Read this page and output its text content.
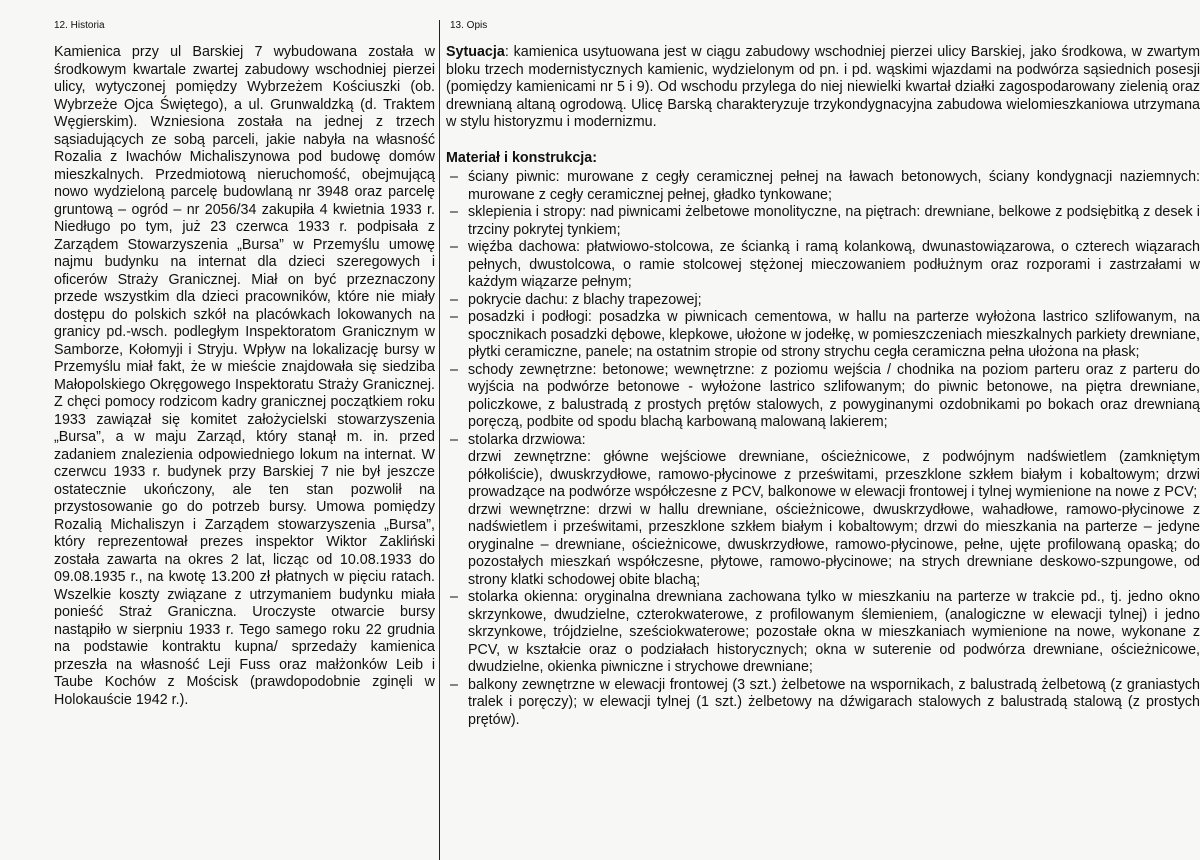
12. Historia

Kamienica przy ul Barskiej 7 wybudowana została w środkowym kwartale zwartej zabudowy wschodniej pierzei ulicy, wytyczonej pomiędzy Wybrzeżem Kościuszki (ob. Wybrzeże Ojca Świętego), a ul. Grunwaldzką (d. Traktem Węgierskim). Wzniesiona została na jednej z trzech sąsiadujących ze sobą parceli, jakie nabyła na własność Rozalia z Iwachów Michaliszynowa pod budowę domów mieszkalnych. Przedmiotową nieruchomość, obejmującą nowo wydzieloną parcelę budowlaną nr 3948 oraz parcelę gruntową – ogród – nr 2056/34 zakupiła 4 kwietnia 1933 r. Niedługo po tym, już 23 czerwca 1933 r. podpisała z Zarządem Stowarzyszenia „Bursa” w Przemyślu umowę najmu budynku na internat dla dzieci szeregowych i oficerów Straży Granicznej. Miał on być przeznaczony przede wszystkim dla dzieci pracowników, które nie miały dostępu do polskich szkół na placówkach lokowanych na granicy pd.-wsch. podległym Inspektoratom Granicznym w Samborze, Kołomyji i Stryju. Wpływ na lokalizację bursy w Przemyślu miał fakt, że w mieście znajdowała się siedziba Małopolskiego Okręgowego Inspektoratu Straży Granicznej. Z chęci pomocy rodzicom kadry granicznej początkiem roku 1933 zawiązał się komitet założycielski stowarzyszenia „Bursa”, a w maju Zarząd, który stanął m. in. przed zadaniem znalezienia odpowiedniego lokum na internat. W czerwcu 1933 r. budynek przy Barskiej 7 nie był jeszcze ostatecznie ukończony, ale ten stan pozwolił na przystosowanie go do potrzeb bursy. Umowa pomiędzy Rozalią Michaliszyn i Zarządem stowarzyszenia „Bursa”, który reprezentował prezes inspektor Wiktor Zakliński została zawarta na okres 2 lat, licząc od 10.08.1933 do 09.08.1935 r., na kwotę 13.200 zł płatnych w pięciu ratach. Wszelkie koszty związane z utrzymaniem budynku miała ponieść Straż Graniczna. Uroczyste otwarcie bursy nastąpiło w sierpniu 1933 r. Tego samego roku 22 grudnia na podstawie kontraktu kupna/ sprzedaży kamienica przeszła na własność Leji Fuss oraz małżonków Leib i Taube Kochów z Mościsk (prawdopodobnie zginęli w Holokauście 1942 r.).

13. Opis

Sytuacja: kamienica usytuowana jest w ciągu zabudowy wschodniej pierzei ulicy Barskiej, jako środkowa, w zwartym bloku trzech modernistycznych kamienic, wydzielonym od pn. i pd. wąskimi wjazdami na podwórza sąsiednich posesji (pomiędzy kamienicami nr 5 i 9). Od wschodu przylega do niej niewielki kwartał działki zagospodarowany zielenią oraz drewnianą altaną ogrodową. Ulicę Barską charakteryzuje trzykondygnacyjna zabudowa wielomieszkaniowa utrzymana w stylu historyzmu i modernizmu.

Materiał i konstrukcja:

– ściany piwnic: murowane z cegły ceramicznej pełnej na ławach betonowych, ściany kondygnacji naziemnych: murowane z cegły ceramicznej pełnej, gładko tynkowane;
– sklepienia i stropy: nad piwnicami żelbetowe monolityczne, na piętrach: drewniane, belkowe z podsiębitką z desek i trzciny pokrytej tynkiem;
– więźba dachowa: płatwiowo-stolcowa, ze ścianką i ramą kolankową, dwunastowiązarowa, o czterech wiązarach pełnych, dwustolcowa, o ramie stolcowej stężonej mieczowaniem podłużnym oraz rozporami i zastrzałami w każdym wiązarze pełnym;
– pokrycie dachu: z blachy trapezowej;
– posadzki i podłogi: posadzka w piwnicach cementowa, w hallu na parterze wyłożona lastrico szlifowanym, na spocznikach posadzki dębowe, klepkowe, ułożone w jodełkę, w pomieszczeniach mieszkalnych parkiety drewniane, płytki ceramiczne, panele; na ostatnim stropie od strony strychu cegła ceramiczna pełna ułożona na płask;
– schody zewnętrzne: betonowe; wewnętrzne: z poziomu wejścia / chodnika na poziom parteru oraz z parteru do wyjścia na podwórze betonowe - wyłożone lastrico szlifowanym; do piwnic betonowe, na piętra drewniane, policzkowe, z balustradą z prostych prętów stalowych, z powyginanymi ozdobnikami po bokach oraz drewnianą poręczą, podbite od spodu blachą karbowaną malowaną lakierem;
– stolarka drzwiowa:

drzwi zewnętrzne: główne wejściowe drewniane, ościeżnicowe, z podwójnym nadświetlem (zamkniętym półkoliście), dwuskrzydłowe, ramowo-płycinowe z prześwitami, przeszklone szkłem białym i kobaltowym; drzwi prowadzące na podwórze współczesne z PCV, balkonowe w elewacji frontowej i tylnej wymienione na nowe z PCV;

drzwi wewnętrzne: drzwi w hallu drewniane, ościeżnicowe, dwuskrzydłowe, wahadłowe, ramowo-płycinowe z nadświetlem i prześwitami, przeszklone szkłem białym i kobaltowym; drzwi do mieszkania na parterze – jedyne oryginalne – drewniane, ościeżnicowe, dwuskrzydłowe, ramowo-płycinowe, pełne, ujęte profilowaną opaską; do pozostałych mieszkań współczesne, płytowe, ramowo-płycinowe; na strych drewniane deskowo-szpungowe, od strony klatki schodowej obite blachą;

– stolarka okienna: oryginalna drewniana zachowana tylko w mieszkaniu na parterze w trakcie pd., tj. jedno okno skrzynkowe, dwudzielne, czterokwaterowe, z profilowanym ślemieniem, (analogiczne w elewacji tylnej) i jedno skrzynkowe, trójdzielne, sześciokwaterowe; pozostałe okna w mieszkaniach wymienione na nowe, wykonane z PCV, w kształcie oraz o podziałach historycznych; okna w suterenie od podwórza drewniane, ościeżnicowe, dwudzielne, okienka piwniczne i strychowe drewniane;
– balkony zewnętrzne w elewacji frontowej (3 szt.) żelbetowe na wspornikach, z balustradą żelbetową (z graniastych tralek i poręczy); w elewacji tylnej (1 szt.) żelbetowy na dźwigarach stalowych z balustradą stalową (z prostych prętów).
